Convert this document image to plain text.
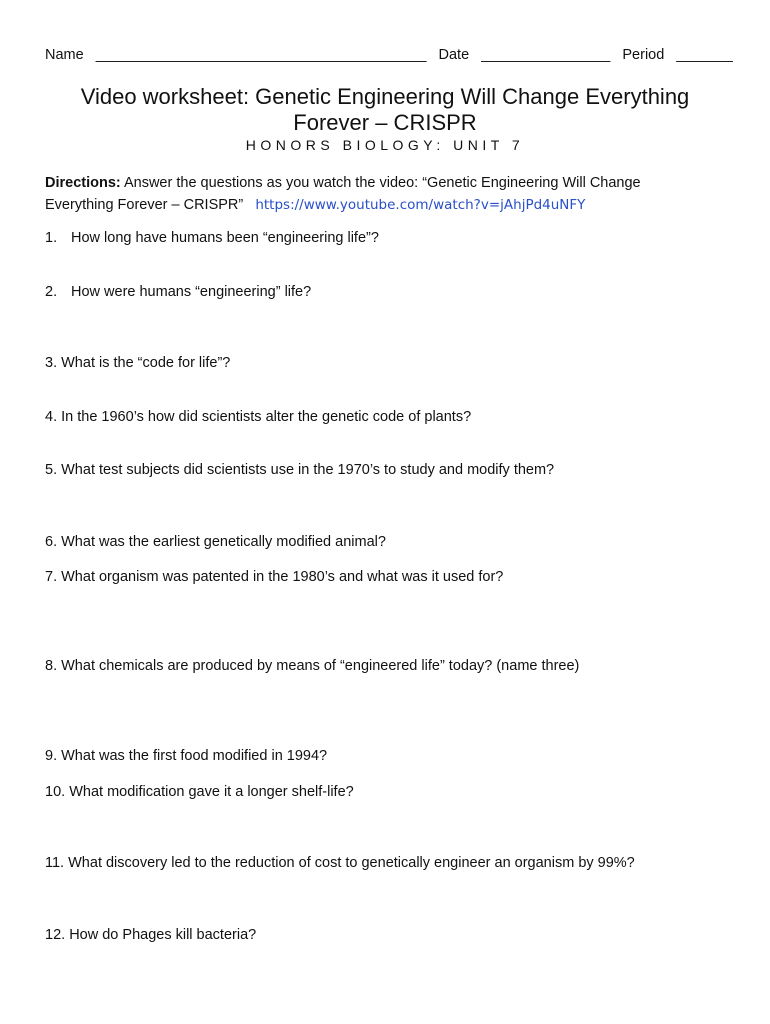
Name _________________________________________ Date ________________ Period _______
Video worksheet: Genetic Engineering Will Change Everything
Forever – CRISPR
HONORS BIOLOGY: UNIT 7
Directions: Answer the questions as you watch the video: “Genetic Engineering Will Change
Everything Forever – CRISPR” https://www.youtube.com/watch?v=jAhjPd4uNFY
1. How long have humans been “engineering life”?
2. How were humans “engineering” life?
3. What is the “code for life”?
4. In the 1960’s how did scientists alter the genetic code of plants?
5. What test subjects did scientists use in the 1970’s to study and modify them?
6. What was the earliest genetically modified animal?
7. What organism was patented in the 1980’s and what was it used for?
8. What chemicals are produced by means of “engineered life” today? (name three)
9. What was the first food modified in 1994?
10. What modification gave it a longer shelf-life?
11. What discovery led to the reduction of cost to genetically engineer an organism by 99%?
12. How do Phages kill bacteria?
